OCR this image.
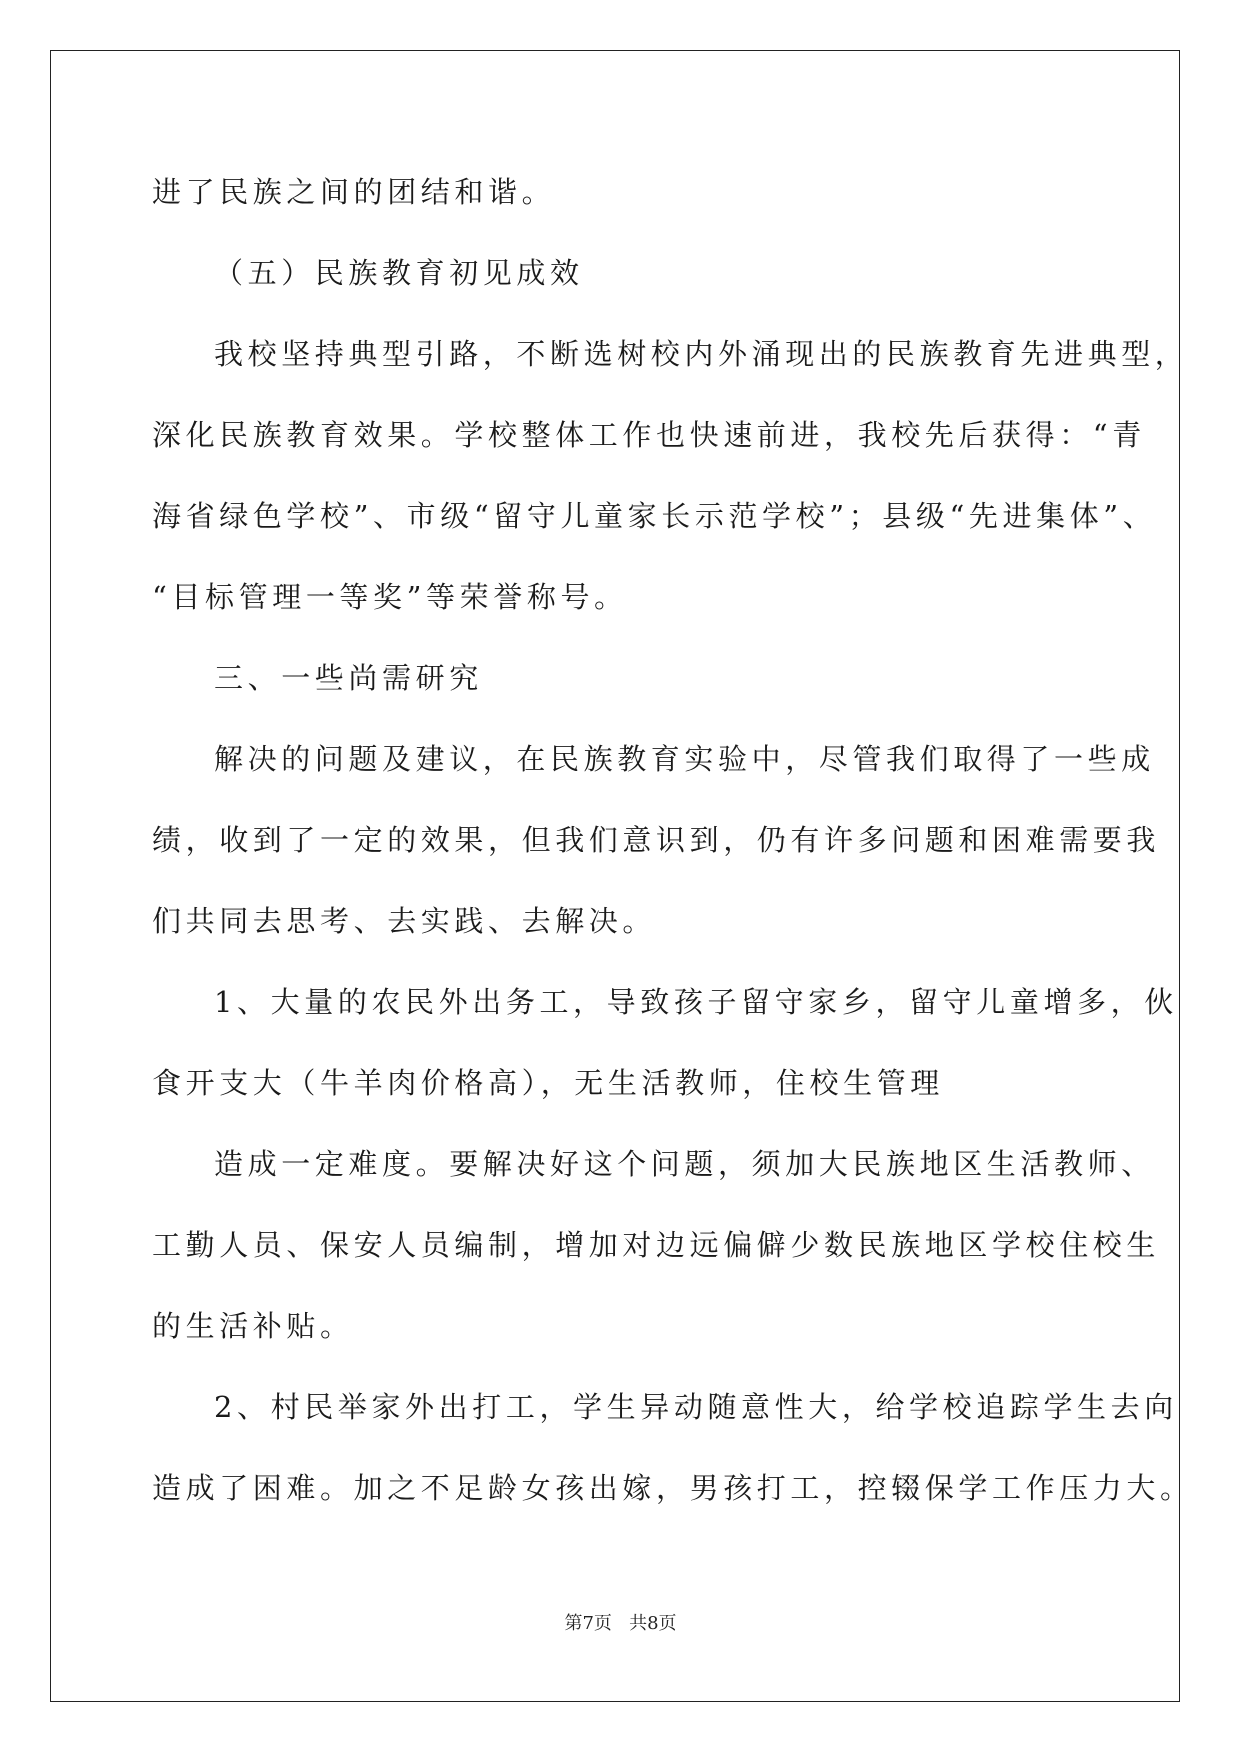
进了民族之间的团结和谐。
（五）民族教育初见成效
我校坚持典型引路，不断选树校内外涌现出的民族教育先进典型，
深化民族教育效果。学校整体工作也快速前进，我校先后获得：“青
海省绿色学校”、市级“留守儿童家长示范学校”；县级“先进集体”、
“目标管理一等奖”等荣誉称号。
三、一些尚需研究
解决的问题及建议，在民族教育实验中，尽管我们取得了一些成
绩，收到了一定的效果，但我们意识到，仍有许多问题和困难需要我
们共同去思考、去实践、去解决。
1、大量的农民外出务工，导致孩子留守家乡，留守儿童增多，伙
食开支大（牛羊肉价格高），无生活教师，住校生管理
造成一定难度。要解决好这个问题，须加大民族地区生活教师、
工勤人员、保安人员编制，增加对边远偏僻少数民族地区学校住校生
的生活补贴。
2、村民举家外出打工，学生异动随意性大，给学校追踪学生去向
造成了困难。加之不足龄女孩出嫁，男孩打工，控辍保学工作压力大。
第7页   共8页
